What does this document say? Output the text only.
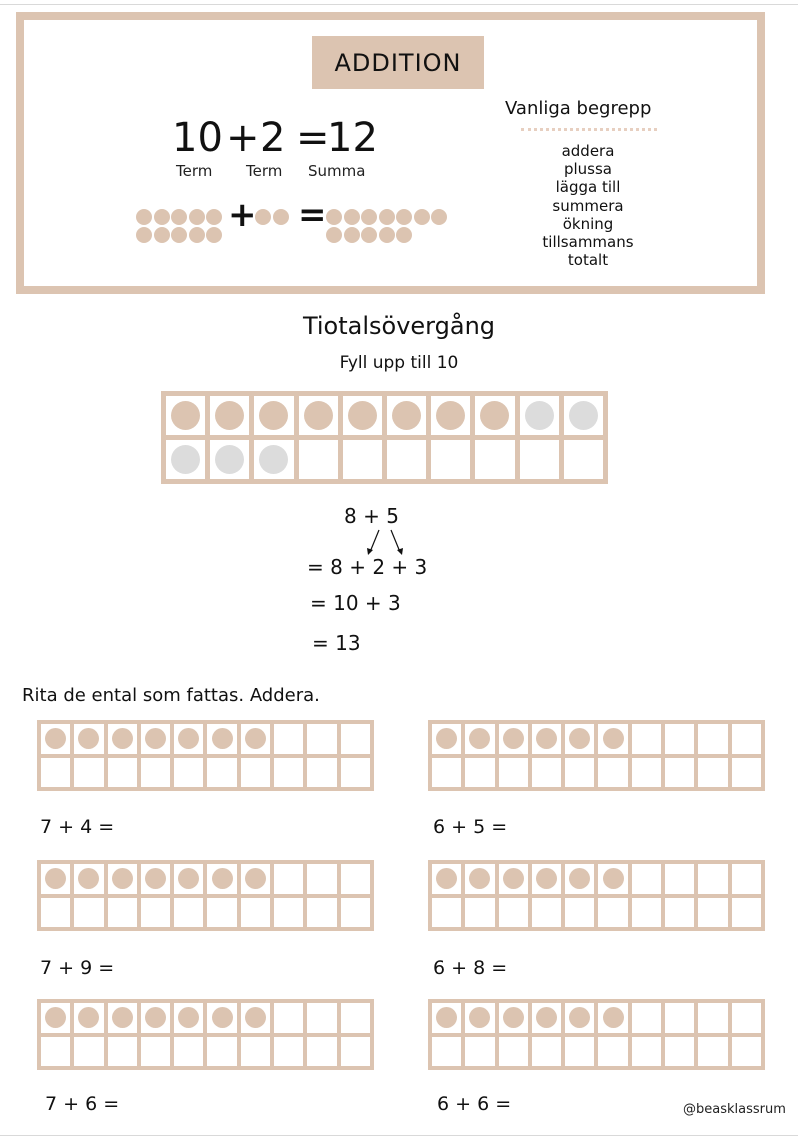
ADDITION
10 + 2 =
12
Term Term Summa
+ =
Vanliga begrepp
addera
plussa
lägga till
summera
ökning
tillsammans
totalt
Tiotalsövergång
Fyll upp till 10
8 + 5
= 8 + 2 + 3
= 10 + 3
= 13
Rita de ental som fattas. Addera.
7 + 4 =	6 + 5 =
7 + 9 =	6 + 8 =
7 + 6 =	6 + 6 =	@beasklassrum
